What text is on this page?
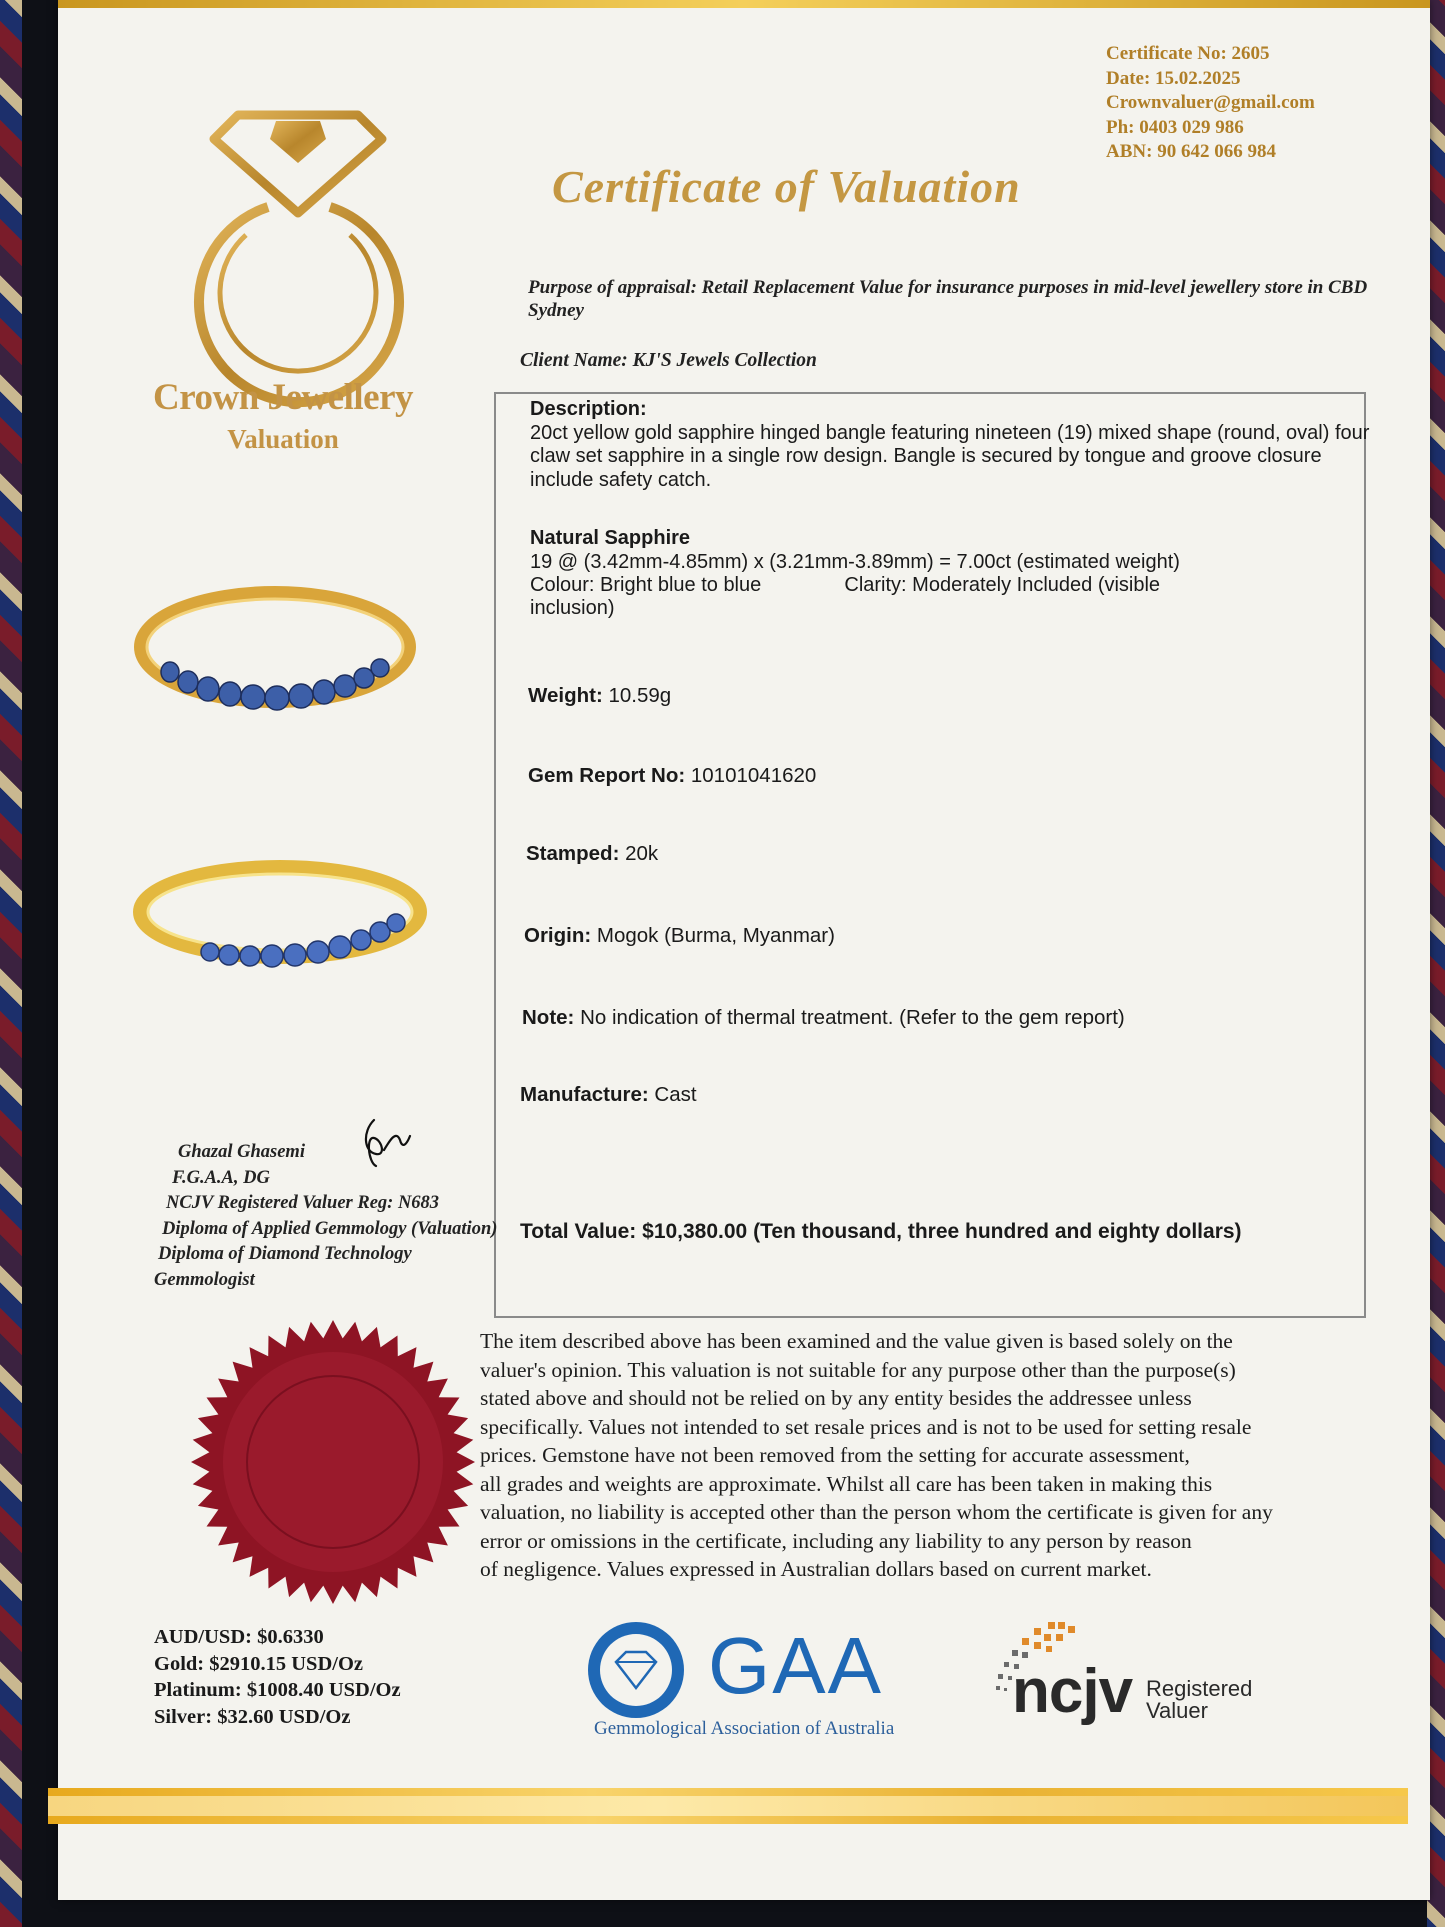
Certificate No: 2605
Date: 15.02.2025
Crownvaluer@gmail.com
Ph: 0403 029 986
ABN: 90 642 066 984
Certificate of Valuation
Crown Jewellery
Valuation
Purpose of appraisal: Retail Replacement Value for insurance purposes in mid-level jewellery store in CBD Sydney
Client Name: KJ'S Jewels Collection
Description:
20ct yellow gold sapphire hinged bangle featuring nineteen (19) mixed shape (round, oval) four claw set sapphire in a single row design. Bangle is secured by tongue and groove closure include safety catch.
Natural Sapphire
19 @ (3.42mm-4.85mm) x (3.21mm-3.89mm) = 7.00ct (estimated weight)
Colour: Bright blue to blue	Clarity: Moderately Included (visible
inclusion)
Weight: 10.59g
Gem Report No: 10101041620
Stamped: 20k
Origin: Mogok (Burma, Myanmar)
Note: No indication of thermal treatment. (Refer to the gem report)
Manufacture: Cast
Total Value: $10,380.00 (Ten thousand, three hundred and eighty dollars)
The item described above has been examined and the value given is based solely on the
valuer's opinion. This valuation is not suitable for any purpose other than the purpose(s)
stated above and should not be relied on by any entity besides the addressee unless
specifically. Values not intended to set resale prices and is not to be used for setting resale
prices. Gemstone have not been removed from the setting for accurate assessment,
all grades and weights are approximate. Whilst all care has been taken in making this
valuation, no liability is accepted other than the person whom the certificate is given for any
error or omissions in the certificate, including any liability to any person by reason
of negligence. Values expressed in Australian dollars based on current market.
Ghazal Ghasemi
F.G.A.A, DG
NCJV Registered Valuer Reg: N683
Diploma of Applied Gemmology (Valuation)
Diploma of Diamond Technology
Gemmologist
AUD/USD: $0.6330
Gold: $2910.15 USD/Oz
Platinum: $1008.40 USD/Oz
Silver: $32.60 USD/Oz
GAA
Gemmological Association of Australia
ncjv Registered
Valuer
